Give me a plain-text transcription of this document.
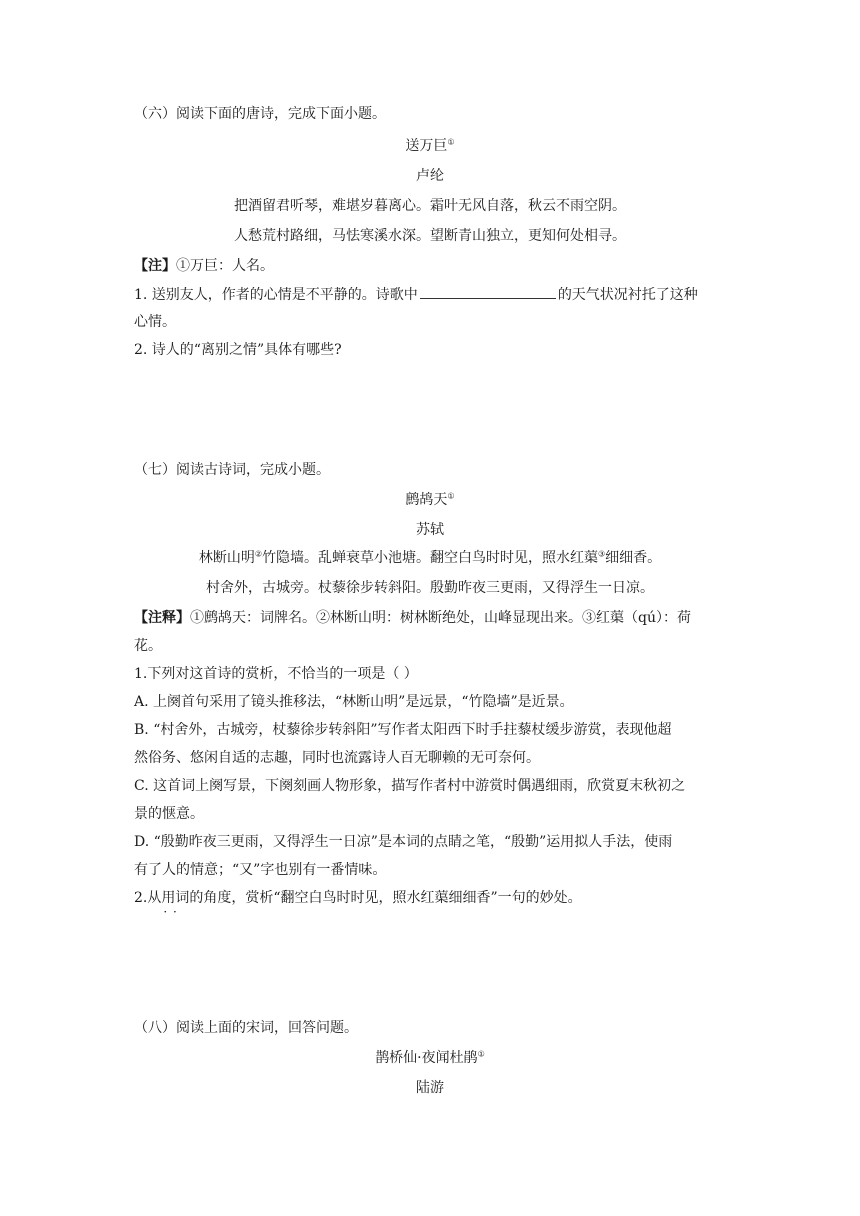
（六）阅读下面的唐诗，完成下面小题。
送万巨①
卢纶
把酒留君听琴，难堪岁暮离心。霜叶无风自落，秋云不雨空阴。
人愁荒村路细，马怯寒溪水深。望断青山独立，更知何处相寻。
【注】①万巨：人名。
1. 送别友人，作者的心情是不平静的。诗歌中	的天气状况衬托了这种
心情。
2. 诗人的“离别之情”具体有哪些?
（七）阅读古诗词，完成小题。
鹧鸪天①
苏轼
林断山明②竹隐墙。乱蝉衰草小池塘。翻空白鸟时时见，照水红蕖③细细香。
村舍外，古城旁。杖藜徐步转斜阳。殷勤昨夜三更雨，又得浮生一日凉。
【注释】①鹧鸪天：词牌名。②林断山明：树林断绝处，山峰显现出来。③红蕖（qú）：荷
花。
1.下列对这首诗的赏析，不恰当的一项是（ ）
A. 上阕首句采用了镜头推移法，“林断山明”是远景，“竹隐墙”是近景。
B. “村舍外，古城旁，杖藜徐步转斜阳”写作者太阳西下时手拄藜杖缓步游赏，表现他超
然俗务、悠闲自适的志趣，同时也流露诗人百无聊赖的无可奈何。
C. 这首词上阕写景，下阕刻画人物形象，描写作者村中游赏时偶遇细雨，欣赏夏末秋初之
景的惬意。
D. “殷勤昨夜三更雨，又得浮生一日凉”是本词的点睛之笔，“殷勤”运用拟人手法，使雨
有了人的情意；“又”字也别有一番情味。
2.从用词 · ·的角度，赏析“翻空白鸟时时见，照水红蕖细细香”一句的妙处。
（八）阅读上面的宋词，回答问题。
鹊桥仙·夜闻杜鹃①
陆游
